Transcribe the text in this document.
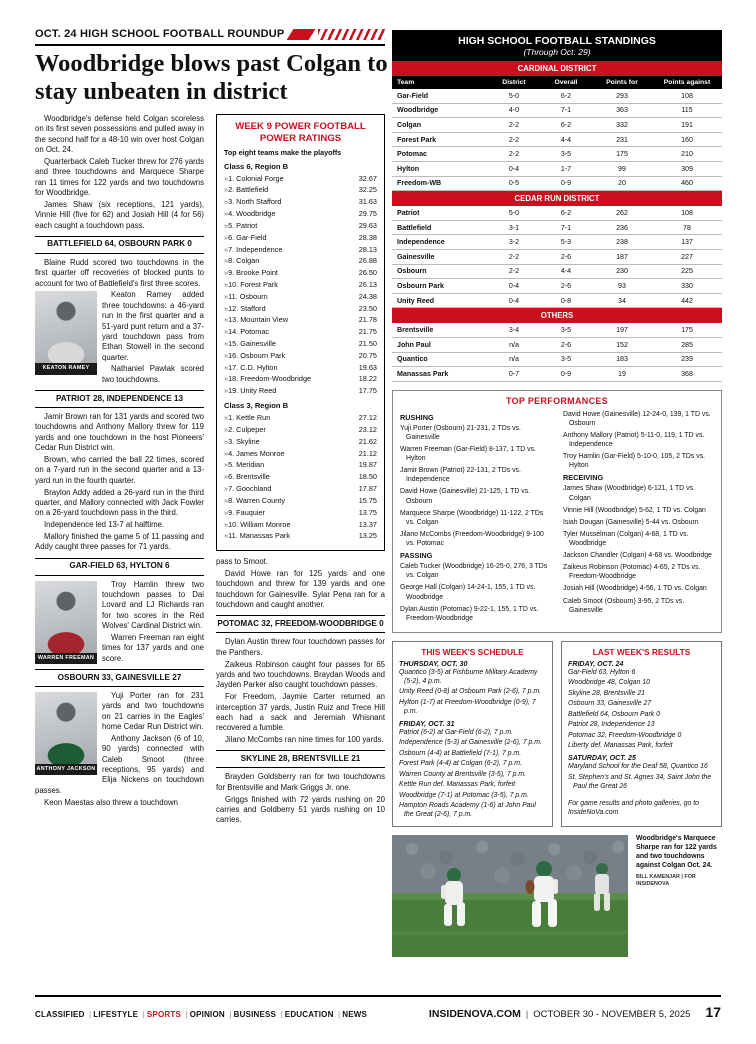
OCT. 24 HIGH SCHOOL FOOTBALL ROUNDUP
Woodbridge blows past Colgan to stay unbeaten in district

Woodbridge's defense held Colgan scoreless on its first seven possessions and pulled away in the second half for a 48-10 win over host Colgan on Oct. 24.

Quarterback Caleb Tucker threw for 276 yards and three touchdowns and Marquece Sharpe ran 11 times for 122 yards and two touchdowns for Woodbridge.

James Shaw (six receptions, 121 yards), Vinnie Hill (five for 62) and Josiah Hill (4 for 56) each caught a touchdown pass.

BATTLEFIELD 64, OSBOURN PARK 0

Blaine Rudd scored two touchdowns in the first quarter off recoveries of blocked punts to account for two of Battlefield's first three scores.

KEATON RAMEY

Keaton Ramey added three touchdowns: a 46-yard run in the first quarter and a 51-yard punt return and a 37-yard touchdown pass from Ethan Stowell in the second quarter.

Nathaniel Pawlak scored two touchdowns.

PATRIOT 28, INDEPENDENCE 13

Jamir Brown ran for 131 yards and scored two touchdowns and Anthony Mallory threw for 119 yards and one touchdown in the host Pioneers' Cedar Run District win.

Brown, who carried the ball 22 times, scored on a 7-yard run in the second quarter and a 13-yard run in the fourth quarter.

Braylon Addy added a 26-yard run in the third quarter, and Mallory connected with Jack Fowler on a 26-yard touchdown pass in the third.

Independence led 13-7 at halftime.

Mallory finished the game 5 of 11 passing and Addy caught three passes for 71 yards.

GAR-FIELD 63, HYLTON 6
WARREN FREEMAN

Troy Hamlin threw two touchdown passes to Dai Lovard and LJ Richards ran for two scores in the Red Wolves' Cardinal District win.

Warren Freeman ran eight times for 137 yards and one score.

OSBOURN 33, GAINESVILLE 27
ANTHONY JACKSON

Yuji Porter ran for 231 yards and two touchdowns on 21 carries in the Eagles' home Cedar Run District win.

Anthony Jackson (6 of 10, 90 yards) connected with Caleb Smoot (three receptions, 95 yards) and Elija Nickens on touchdown passes.

Keon Maestas also threw a touchdown

WEEK 9 POWER FOOTBALL POWER RATINGS
Top eight teams make the playoffs
Class 6, Region B
» 1. Colonial Forge	32.67
» 2. Battlefield	32.25
» 3. North Stafford	31.63
» 4. Woodbridge	29.75
» 5. Patriot	29.63
» 6. Gar-Field	28.38
» 7. Independence	28.13
» 8. Colgan	26.88
» 9. Brooke Point	26.50
» 10. Forest Park	26.13
» 11. Osbourn	24.38
» 12. Stafford	23.50
» 13. Mountain View	21.78
» 14. Potomac	21.75
» 15. Gainesville	21.50
» 16. Osbourn Park	20.75
» 17. C.D. Hylton	19.63
» 18. Freedom-Woodbridge	18.22
» 19. Unity Reed	17.75
Class 3, Region B
» 1. Kettle Run	27.12
» 2. Culpeper	23.12
» 3. Skyline	21.62
» 4. James Monroe	21.12
» 5. Meridian	19.87
» 6. Brentsville	18.50
» 7. Goochland	17.87
» 8. Warren County	15.75
» 9. Fauquier	13.75
» 10. William Monroe	13.37
» 11. Manassas Park	13.25

pass to Smoot.

David Howe ran for 125 yards and one touchdown and threw for 139 yards and one touchdown for Gainesville. Sylar Pena ran for a touchdown and caught another.

POTOMAC 32, FREEDOM-WOODBRIDGE 0

Dylan Austin threw four touchdown passes for the Panthers.

Zaikeus Robinson caught four passes for 65 yards and two touchdowns. Braydan Woods and Jayden Parker also caught touchdown passes.

For Freedom, Jaymie Carter returned an interception 37 yards, Justin Ruiz and Trece Hill each had a sack and Jeremiah Whisnant recovered a fumble.

Jilano McCombs ran nine times for 100 yards.

SKYLINE 28, BRENTSVILLE 21

Brayden Goldsberry ran for two touchdowns for Brentsville and Mark Griggs Jr. one.

Griggs finished with 72 yards rushing on 20 carries and Goldberry 51 yards rushing on 10 carries.

HIGH SCHOOL FOOTBALL STANDINGS
(Through Oct. 29)
CARDINAL DISTRICT				
Team	District	Overall	Points for	Points against
Gar-Field	5-0	6-2	293	108
Woodbridge	4-0	7-1	363	115
Colgan	2-2	6-2	332	191
Forest Park	2-2	4-4	231	160
Potomac	2-2	3-5	175	210
Hylton	0-4	1-7	99	309
Freedom-WB	0-5	0-9	20	460
CEDAR RUN DISTRICT				
Patriot	5-0	6-2	262	108
Battlefield	3-1	7-1	236	78
Independence	3-2	5-3	238	137
Gainesville	2-2	2-6	187	227
Osbourn	2-2	4-4	230	225
Osbourn Park	0-4	2-6	93	330
Unity Reed	0-4	0-8	34	442
OTHERS				
Brentsville	3-4	3-5	197	175
John Paul	n/a	2-6	152	285
Quantico	n/a	3-5	183	239
Manassas Park	0-7	0-9	19	368
TOP PERFORMANCES
RUSHING
Yuji Porter (Osbourn) 21-231, 2 TDs vs. Gainesville
Warren Freeman (Gar-Field) 8-137, 1 TD vs. Hylton
Jamir Brown (Patriot) 22-131, 2 TDs vs. Independence
David Howe (Gainesville) 21-125, 1 TD vs. Osbourn
Marquece Sharpe (Woodbridge) 11-122, 2 TDs vs. Colgan
Jilano McCombs (Freedom-Woodbridge) 9-100 vs. Potomac
PASSING
Caleb Tucker (Woodbridge) 16-25-0, 276, 3 TDs vs. Colgan
George Hall (Colgan) 14-24-1, 155, 1 TD vs. Woodbridge
Dylan Austin (Potomac) 9-22-1, 155, 1 TD vs. Freedom-Woodbridge
David Howe (Gainesville) 12-24-0, 139, 1 TD vs. Osbourn
Anthony Mallory (Patriot) 5-11-0, 119, 1 TD vs. Independence
Troy Hamlin (Gar-Field) 5-10-0, 105, 2 TDs vs. Hylton
RECEIVING
James Shaw (Woodbridge) 6-121, 1 TD vs. Colgan
Vinnie Hill (Woodbridge) 5-62, 1 TD vs. Colgan
Isiah Dougan (Gainesville) 5-44 vs. Osbourn
Tyler Musselman (Colgan) 4-68, 1 TD vs. Woodbridge
Jackson Chandler (Colgan) 4-68 vs. Woodbridge
Zaikeus Robinson (Potomac) 4-65, 2 TDs vs. Freedom-Woodbridge
Josiah Hill (Woodbridge) 4-56, 1 TD vs. Colgan
Caleb Smoot (Osbourn) 3-95, 2 TDs vs. Gainesville
THIS WEEK'S SCHEDULE
THURSDAY, OCT. 30
Quantico (3-5) at Fishburne Military Academy (5-2), 4 p.m.
Unity Reed (0-8) at Osbourn Park (2-6), 7 p.m.
Hylton (1-7) at Freedom-Woodbridge (0-9), 7 p.m.
FRIDAY, OCT. 31
Patriot (6-2) at Gar-Field (6-2), 7 p.m.
Independence (5-3) at Gainesville (2-6), 7 p.m.
Osbourn (4-4) at Battlefield (7-1), 7 p.m.
Forest Park (4-4) at Colgan (6-2), 7 p.m.
Warren County at Brentsville (3-5), 7 p.m.
Kettle Run def. Manassas Park, forfeit
Woodbridge (7-1) at Potomac (3-5), 7 p.m.
Hampton Roads Academy (1-6) at John Paul the Great (2-6), 7 p.m.
LAST WEEK'S RESULTS
FRIDAY, OCT. 24
Gar-Field 63, Hylton 6
Woodbridge 48, Colgan 10
Skyline 28, Brentsville 21
Osbourn 33, Gainesville 27
Battlefield 64, Osbourn Park 0
Patriot 28, Independence 13
Potomac 32, Freedom-Woodbridge 0
Liberty def. Manassas Park, forfeit
SATURDAY, OCT. 25
Maryland School for the Deaf 58, Quantico 16
St. Stephen's and St. Agnes 34, Saint John the Paul the Great 26
For game results and photo galleries, go to InsideNoVa.com
Woodbridge's Marquece Sharpe ran for 122 yards and two touchdowns against Colgan Oct. 24.
BILL KAMENJAR | FOR INSIDENOVA
CLASSIFIED | LIFESTYLE | SPORTS | OPINION | BUSINESS | EDUCATION | NEWS	INSIDENOVA.COM | OCTOBER 30 - NOVEMBER 5, 2025 17
